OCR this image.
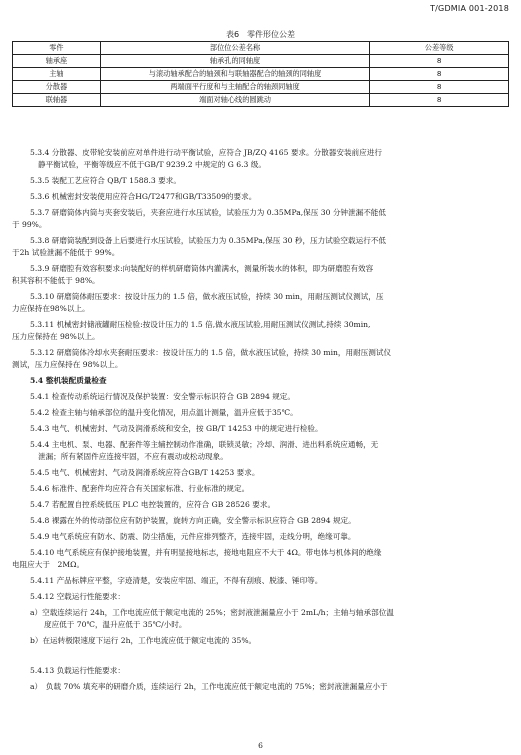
T/GDMIA 001-2018
表6　零件形位公差
零件	部位位公差名称	公差等级
轴承座	轴承孔的同轴度	8
主轴	与滚动轴承配合的轴颈和与联轴器配合的轴颈的同轴度	8
分散器	两端面平行度和与主轴配合的轴颈同轴度	8
联轴器	端面对轴心线的圆跳动	8
5.3.4 分散器、皮带轮安装前应对单件进行动平衡试验，应符合 JB/ZQ 4165 要求。分散器安装前应进行
静平衡试验，平衡等级应不低于GB/T 9239.2 中规定的 G 6.3 级。
5.3.5 装配工艺应符合 QB/T 1588.3 要求。
5.3.6 机械密封安装使用应符合HG/T2477和GB/T33509的要求。
5.3.7 研磨筒体内筒与夹套安装后，夹套应进行水压试验，试验压力为 0.35MPa,保压 30 分钟泄漏不能低
于 99%。
5.3.8 研磨筒装配到设备上后要进行水压试验，试验压力为 0.35MPa,保压 30 秒，压力试验空载运行不低
于2h 试验泄漏不能低于 99%。
5.3.9 研磨腔有效容积要求:向装配好的样机研磨筒体内灌满水，测量所装水的体积，即为研磨腔有效容
积其容积不能低于 98%。
5.3.10 研磨筒体耐压要求：按设计压力的 1.5 倍，做水液压试验，持续 30 min，用耐压测试仪测试，压
力应保持在98%以上。
5.3.11 机械密封储液罐耐压检验:按设计压力的 1.5 倍,做水液压试验,用耐压测试仪测试,持续 30min,
压力应保持在 98%以上。
5.3.12 研磨筒体冷却水夹套耐压要求：按设计压力的 1.5 倍，做水液压试验，持续 30 min，用耐压测试仪
测试，压力应保持在 98%以上。
5.4 整机装配质量检查
5.4.1 检查传动系统运行情况及保护装置：安全警示标识符合 GB 2894 规定。
5.4.2 检查主轴与轴承部位的温升变化情况，用点温计测量，温升应低于35℃。
5.4.3 电气、机械密封、气动及润滑系统和安全，按 GB/T 14253 中的规定进行检验。
5.4.4 主电机、泵、电器、配套件等主辅控制动作准确，联锁灵敏；冷却、润滑、进出料系统应通畅，无
泄漏；所有紧固件应连接牢固，不应有震动或松动现象。
5.4.5 电气、机械密封、气动及润滑系统应符合GB/T 14253 要求。
5.4.6 标准件、配套件均应符合有关国家标准、行业标准的规定。
5.4.7 若配置自控系统低压 PLC 电控装置的，应符合 GB 28526 要求。
5.4.8 裸露在外的传动部位应有防护装置，旋转方向正确，安全警示标识应符合 GB 2894 规定。
5.4.9 电气系统应有防水、防震、防尘措施，元件应排列整齐，连接牢固，走线分明，绝缘可靠。
5.4.10 电气系统应有保护接地装置，并有明显接地标志，接地电阻应不大于 4Ω。带电体与机体间的绝缘
电阻应大于　2MΩ。
5.4.11 产品标牌应平整，字迹清楚，安装应牢固、端正，不得有刮痕、脱漆、锤印等。
5.4.12 空载运行性能要求：
a）空载连续运行 24h，工作电流应低于额定电流的 25%；密封液泄漏量应小于 2mL/h；主轴与轴承部位温
度应低于 70℃，温升应低于 35℃/小时。
b）在运转极限速度下运行 2h，工作电流应低于额定电流的 35%。
5.4.13 负载运行性能要求：
a）　负载 70% 填充率的研磨介质，连续运行 2h，工作电流应低于额定电流的 75%；密封液泄漏量应小于
6
